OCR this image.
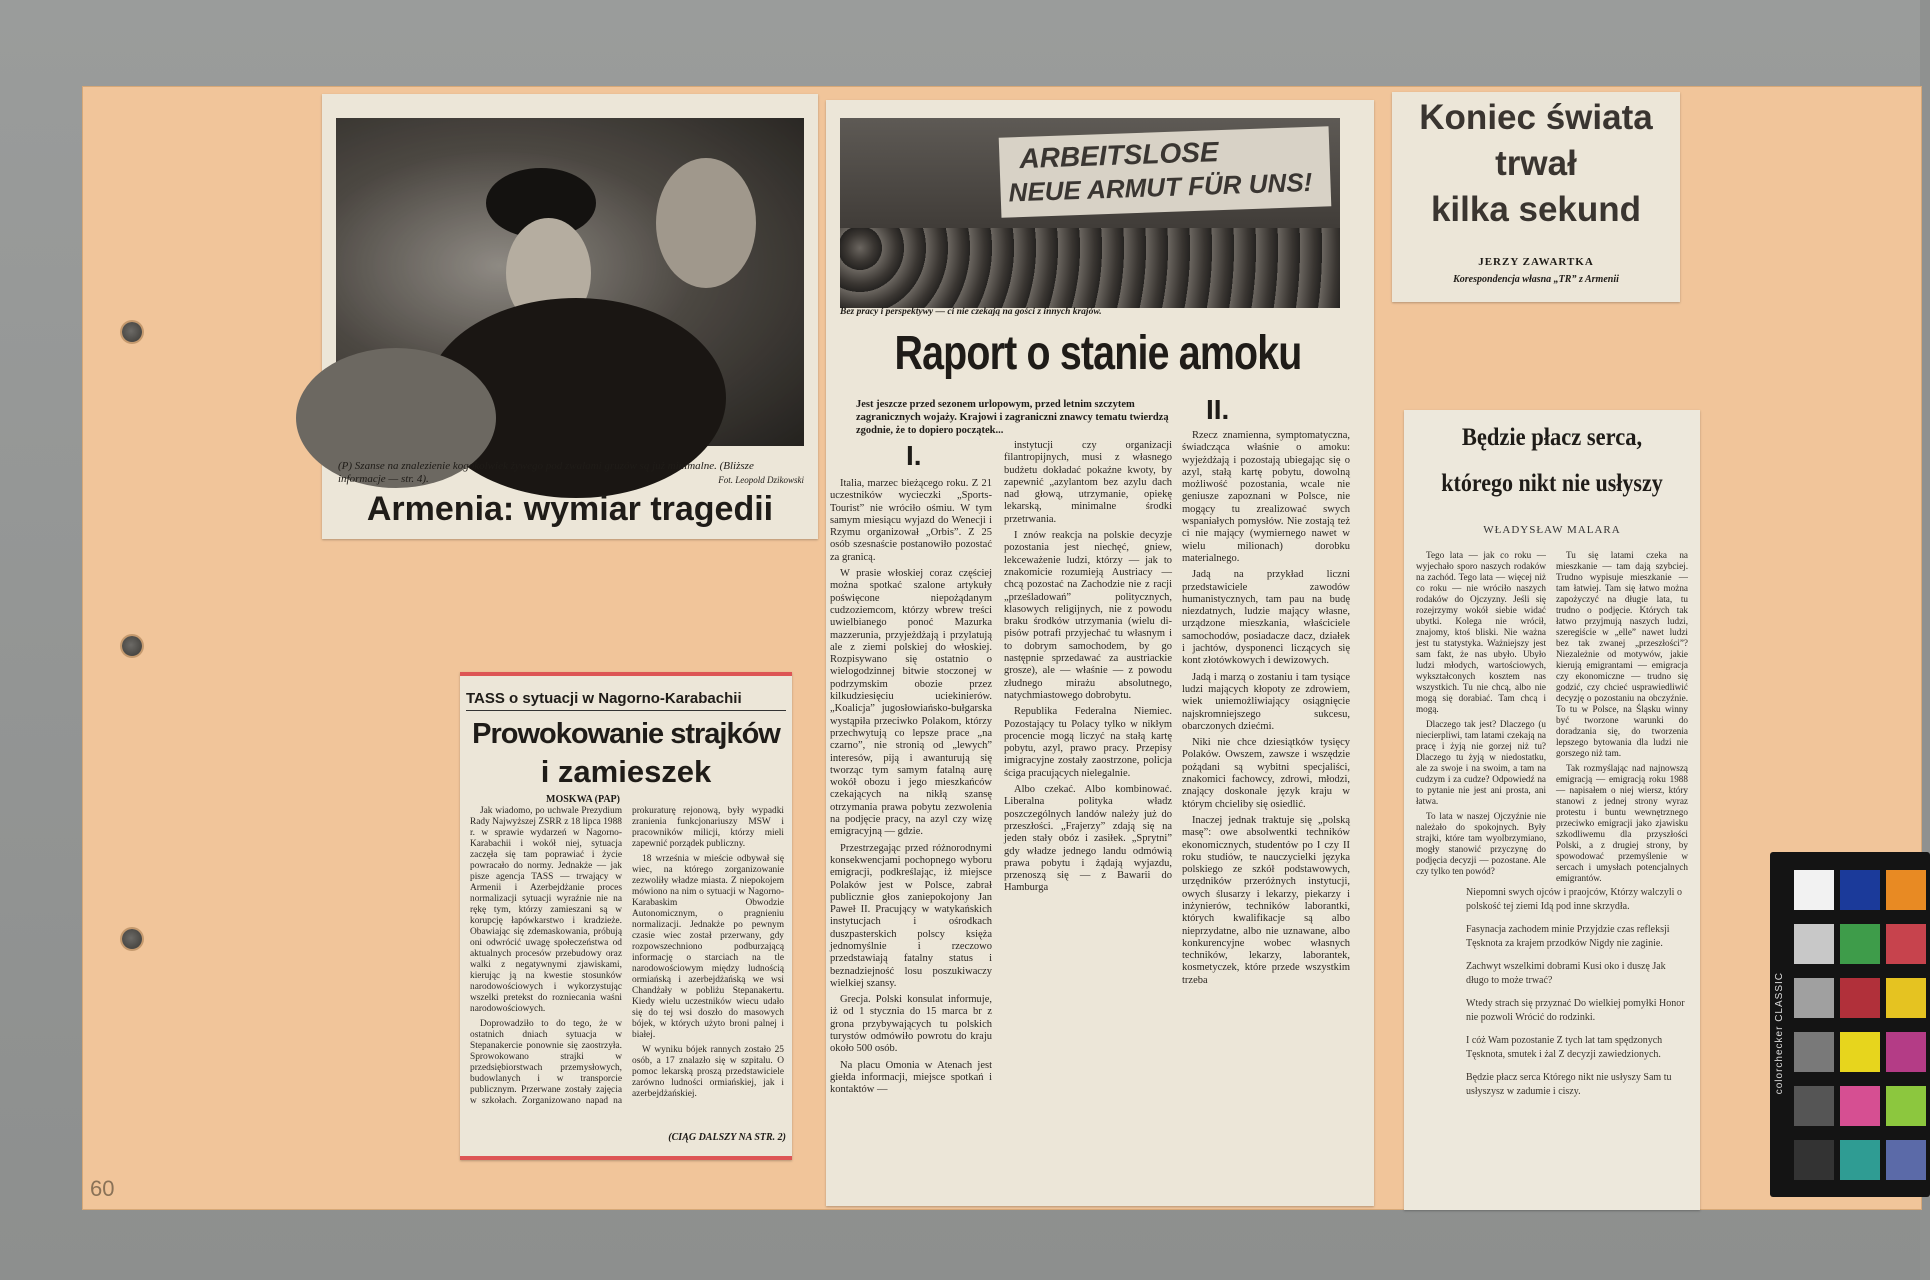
60
(P) Szanse na znalezienie kogokolwiek żywego pod zwałami gruzów są już minimalne. (Bliższe informacje — str. 4).	Fot. Leopold Dzikowski
Armenia: wymiar tragedii
TASS o sytuacji w Nagorno-Karabachii
Prowokowanie strajków
i zamieszek
MOSKWA (PAP)

Jak wiadomo, po uchwale Prezydium Rady Najwyższej ZSRR z 18 lipca 1988 r. w sprawie wydarzeń w Nagorno-Karabachii i wokół niej, sytuacja zaczęła się tam poprawiać i życie powracało do normy. Jednakże — jak pisze agencja TASS — trwający w Armenii i Azerbejdżanie proces normalizacji sytuacji wyraźnie nie na rękę tym, którzy zamieszani są w korupcję łapówkarstwo i kradzieże. Obawiając się zdemaskowania, próbują oni odwrócić uwagę społeczeństwa od aktualnych procesów przebudowy oraz walki z negatywnymi zjawiskami, kierując ją na kwestie stosunków narodowościowych i wykorzystując wszelki pretekst do rozniecania waśni narodowościowych.

Doprowadziło to do tego, że w ostatnich dniach sytuacja w Stepanakercie ponownie się zaostrzyła. Sprowokowano strajki w przedsiębiorstwach przemysłowych, budowlanych i w transporcie publicznym. Przerwane zostały zajęcia w szkołach. Zorganizowano napad na prokuraturę rejonową, były wypadki zranienia funkcjonariuszy MSW i pracowników milicji, którzy mieli zapewnić porządek publiczny.

18 września w mieście odbywał się wiec, na którego zorganizowanie zezwoliły władze miasta. Z niepokojem mówiono na nim o sytuacji w Nagorno-Karabaskim Obwodzie Autonomicznym, o pragnieniu normalizacji. Jednakże po pewnym czasie wiec został przerwany, gdy rozpowszechniono podburzającą informację o starciach na tle narodowościowym między ludnością ormiańską i azerbejdżańską we wsi Chandżały w pobliżu Stepanakertu. Kiedy wielu uczestników wiecu udało się do tej wsi doszło do masowych bójek, w których użyto broni palnej i białej.

W wyniku bójek rannych zostało 25 osób, a 17 znalazło się w szpitalu. O pomoc lekarską proszą przedstawiciele zarówno ludności ormiańskiej, jak i azerbejdżańskiej.

(CIĄG DALSZY NA STR. 2)
ARBEITSLOSE
NEUE ARMUT FÜR UNS!
Bez pracy i perspektywy — ci nie czekają na gości z innych krajów.
Raport o stanie amoku
Jest jeszcze przed sezonem urlopowym, przed letnim szczytem zagranicznych wojaży. Krajowi i zagraniczni znawcy tematu twierdzą zgodnie, że to dopiero początek...
I.
II.

Italia, marzec bieżącego roku. Z 21 uczestników wycieczki „Sports-Tourist” nie wróciło ośmiu. W tym samym miesiącu wyjazd do Wenecji i Rzymu organizował „Orbis”. Z 25 osób szesnaście postanowiło pozostać za granicą.

W prasie włoskiej coraz częściej można spotkać szalone artykuły poświęcone niepożądanym cudzoziemcom, którzy wbrew treści uwielbianego ponoć Mazurka mazzerunia, przyjeżdżają i przylatują ale z ziemi polskiej do włoskiej. Rozpisywano się ostatnio o wielogodzinnej bitwie stoczonej w podrzymskim obozie przez kilkudziesięciu uciekinierów. „Koalicja” jugosłowiańsko-bułgarska wystąpiła przeciwko Polakom, którzy przechwytują co lepsze prace „na czarno”, nie stronią od „lewych” interesów, piją i awanturują się tworząc tym samym fatalną aurę wokół obozu i jego mieszkańców czekających na nikłą szansę otrzymania prawa pobytu zezwolenia na podjęcie pracy, na azyl czy wizę emigracyjną — gdzie.

Przestrzegając przed różnorodnymi konsekwencjami pochopnego wyboru emigracji, podkreślając, iż miejsce Polaków jest w Polsce, zabrał publicznie głos zaniepokojony Jan Paweł II. Pracujący w watykańskich instytucjach i ośrodkach duszpasterskich polscy księża jednomyślnie i rzeczowo przedstawiają fatalny status i beznadziejność losu poszukiwaczy wielkiej szansy.

Grecja. Polski konsulat informuje, iż od 1 stycznia do 15 marca br z grona przybywających tu polskich turystów odmówiło powrotu do kraju około 500 osób.

Na placu Omonia w Atenach jest giełda informacji, miejsce spotkań i kontaktów —

instytucji czy organizacji filantropijnych, musi z własnego budżetu dokładać pokaźne kwoty, by zapewnić „azylantom bez azylu dach nad głową, utrzymanie, opiekę lekarską, minimalne środki przetrwania.

I znów reakcja na polskie decyzje pozostania jest niechęć, gniew, lekceważenie ludzi, którzy — jak to znakomicie rozumieją Austriacy — chcą pozostać na Zachodzie nie z racji „prześladowań” politycznych, klasowych religijnych, nie z powodu braku środków utrzymania (wielu di-pisów potrafi przyjechać tu własnym i to dobrym samochodem, by go następnie sprzedawać za austriackie grosze), ale — właśnie — z powodu złudnego mirażu absolutnego, natychmiastowego dobrobytu.

Republika Federalna Niemiec. Pozostający tu Polacy tylko w nikłym procencie mogą liczyć na stałą kartę pobytu, azyl, prawo pracy. Przepisy imigracyjne zostały zaostrzone, policja ściga pracujących nielegalnie.

Albo czekać. Albo kombinować. Liberalna polityka władz poszczególnych landów należy już do przeszłości. „Frajerzy” zdają się na jeden stały obóz i zasiłek. „Sprytni” gdy władze jednego landu odmówią prawa pobytu i żądają wyjazdu, przenoszą się — z Bawarii do Hamburga

Rzecz znamienna, symptomatyczna, świadcząca właśnie o amoku: wyjeżdżają i pozostają ubiegając się o azyl, stałą kartę pobytu, dowolną możliwość pozostania, wcale nie geniusze zapoznani w Polsce, nie mogący tu zrealizować swych wspaniałych pomysłów. Nie zostają też ci nie mający (wymiernego nawet w wielu milionach) dorobku materialnego.

Jadą na przykład liczni przedstawiciele zawodów humanistycznych, tam pau na budę niezdatnych, ludzie mający własne, urządzone mieszkania, właściciele samochodów, posiadacze dacz, działek i jachtów, dysponenci liczących się kont złotówkowych i dewizowych.

Jadą i marzą o zostaniu i tam tysiące ludzi mających kłopoty ze zdrowiem, wiek uniemożliwiający osiągnięcie najskromniejszego sukcesu, obarczonych dziećmi.

Niki nie chce dziesiątków tysięcy Polaków. Owszem, zawsze i wszędzie pożądani są wybitni specjaliści, znakomici fachowcy, zdrowi, młodzi, znający doskonale język kraju w którym chcieliby się osiedlić.

Inaczej jednak traktuje się „polską masę”: owe absolwentki techników ekonomicznych, studentów po I czy II roku studiów, te nauczycielki języka polskiego ze szkół podstawowych, urzędników przeróżnych instytucji, owych ślusarzy i lekarzy, piekarzy i inżynierów, techników laborantki, których kwalifikacje są albo nieprzydatne, albo nie uznawane, albo konkurencyjne wobec własnych techników, lekarzy, laborantek, kosmetyczek, które przede wszystkim trzeba

Koniec świata
trwał
kilka sekund
JERZY ZAWARTKA
Korespondencja własna „TR” z Armenii
Będzie płacz serca,
którego nikt nie usłyszy
WŁADYSŁAW MALARA

Tego lata — jak co roku — wyjechało sporo naszych rodaków na zachód. Tego lata — więcej niż co roku — nie wróciło naszych rodaków do Ojczyzny. Jeśli się rozejrzymy wokół siebie widać ubytki. Kolega nie wrócił, znajomy, ktoś bliski. Nie ważna jest tu statystyka. Ważniejszy jest sam fakt, że nas ubyło. Ubyło ludzi młodych, wartościowych, wykształconych kosztem nas wszystkich. Tu nie chcą, albo nie mogą się dorabiać. Tam chcą i mogą.

Dlaczego tak jest? Dlaczego (u niecierpliwi, tam latami czekają na pracę i żyją nie gorzej niż tu? Dlaczego tu żyją w niedostatku, ale za swoje i na swoim, a tam na cudzym i za cudze? Odpowiedź na to pytanie nie jest ani prosta, ani łatwa.

To lata w naszej Ojczyźnie nie należało do spokojnych. Były strajki, które tam wyolbrzymiano, mogły stanowić przyczynę do podjęcia decyzji — pozostane. Ale czy tylko ten powód?

Tu się latami czeka na mieszkanie — tam dają szybciej. Trudno wypisuje mieszkanie — tam łatwiej. Tam się łatwo można zapożyczyć na długie lata, tu trudno o podjęcie. Których tak łatwo przyjmują naszych ludzi, szeregiście w „elle” nawet ludzi bez tak zwanej „przeszłości”? Niezależnie od motywów, jakie kierują emigrantami — emigracja czy ekonomiczne — trudno się godzić, czy chcieć usprawiedliwić decyzję o pozostaniu na obczyźnie. To tu w Polsce, na Śląsku winny być tworzone warunki do doradzania się, do tworzenia lepszego bytowania dla ludzi nie gorszego niż tam.

Tak rozmyślając nad najnowszą emigracją — emigracją roku 1988 — napisałem o niej wiersz, który stanowi z jednej strony wyraz protestu i buntu wewnętrznego przeciwko emigracji jako zjawisku szkodliwemu dla przyszłości Polski, a z drugiej strony, by spowodować przemyślenie w sercach i umysłach potencjalnych emigrantów.

Niepomni swych ojców i praojców, Którzy walczyli o polskość tej ziemi Idą pod inne skrzydła.

Fasynacja zachodem minie Przyjdzie czas refleksji Tęsknota za krajem przodków Nigdy nie zaginie.

Zachwyt wszelkimi dobrami Kusi oko i duszę Jak długo to może trwać?

Wtedy strach się przyznać Do wielkiej pomyłki Honor nie pozwoli Wrócić do rodzinki.

I cóż Wam pozostanie Z tych lat tam spędzonych Tęsknota, smutek i żal Z decyzji zawiedzionych.

Będzie płacz serca Którego nikt nie usłyszy Sam tu usłyszysz w zadumie i ciszy.	colorchecker CLASSIC
